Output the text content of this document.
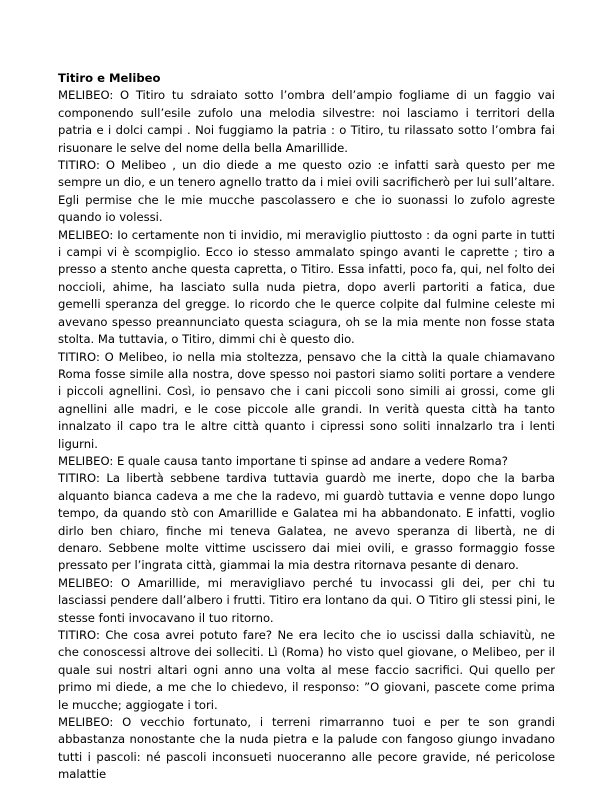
Titiro e Melibeo

MELIBEO: O Titiro tu sdraiato sotto l’ombra dell’ampio fogliame di un faggio vai componendo sull’esile zufolo una melodia silvestre: noi lasciamo i territori della patria e i dolci campi . Noi fuggiamo la patria : o Titiro, tu rilassato sotto l’ombra fai risuonare le selve del nome della bella Amarillide.

TITIRO: O Melibeo , un dio diede a me questo ozio :e infatti sarà questo per me sempre un dio, e un tenero agnello tratto da i miei ovili sacrificherò per lui sull’altare. Egli permise che le mie mucche pascolassero e che io suonassi lo zufolo agreste quando io volessi.

MELIBEO: Io certamente non ti invidio, mi meraviglio piuttosto : da ogni parte in tutti i campi vi è scompiglio. Ecco io stesso ammalato spingo avanti le caprette ; tiro a presso a stento anche questa capretta, o Titiro. Essa infatti, poco fa, qui, nel folto dei noccioli, ahime, ha lasciato sulla nuda pietra, dopo averli partoriti a fatica, due gemelli speranza del gregge. Io ricordo che le querce colpite dal fulmine celeste mi avevano spesso preannunciato questa sciagura, oh se la mia mente non fosse stata stolta. Ma tuttavia, o Titiro, dimmi chi è questo dio.

TITIRO: O Melibeo, io nella mia stoltezza, pensavo che la città la quale chiamavano Roma fosse simile alla nostra, dove spesso noi pastori siamo soliti portare a vendere i piccoli agnellini. Così, io pensavo che i cani piccoli sono simili ai grossi, come gli agnellini alle madri, e le cose piccole alle grandi. In verità questa città ha tanto innalzato il capo tra le altre città quanto i cipressi sono soliti innalzarlo tra i lenti ligurni.

MELIBEO: E quale causa tanto importane ti spinse ad andare a vedere Roma?

TITIRO: La libertà sebbene tardiva tuttavia guardò me inerte, dopo che la barba alquanto bianca cadeva a me che la radevo, mi guardò tuttavia e venne dopo lungo tempo, da quando stò con Amarillide e Galatea mi ha abbandonato. E infatti, voglio dirlo ben chiaro, finche mi teneva Galatea, ne avevo speranza di libertà, ne di denaro. Sebbene molte vittime uscissero dai miei ovili, e grasso formaggio fosse pressato per l’ingrata città, giammai la mia destra ritornava pesante di denaro.

MELIBEO: O Amarillide, mi meravigliavo perché tu invocassi gli dei, per chi tu lasciassi pendere dall’albero i frutti. Titiro era lontano da qui. O Titiro gli stessi pini, le stesse fonti invocavano il tuo ritorno.

TITIRO: Che cosa avrei potuto fare? Ne era lecito che io uscissi dalla schiavitù, ne che conoscessi altrove dei solleciti. Lì (Roma) ho visto quel giovane, o Melibeo, per il quale sui nostri altari ogni anno una volta al mese faccio sacrifici. Qui quello per primo mi diede, a me che lo chiedevo, il responso: ”O giovani, pascete come prima le mucche; aggiogate i tori.

MELIBEO: O vecchio fortunato, i terreni rimarranno tuoi e per te son grandi abbastanza nonostante che la nuda pietra e la palude con fangoso giungo invadano tutti i pascoli: né pascoli inconsueti nuoceranno alle pecore gravide, né pericolose malattie
